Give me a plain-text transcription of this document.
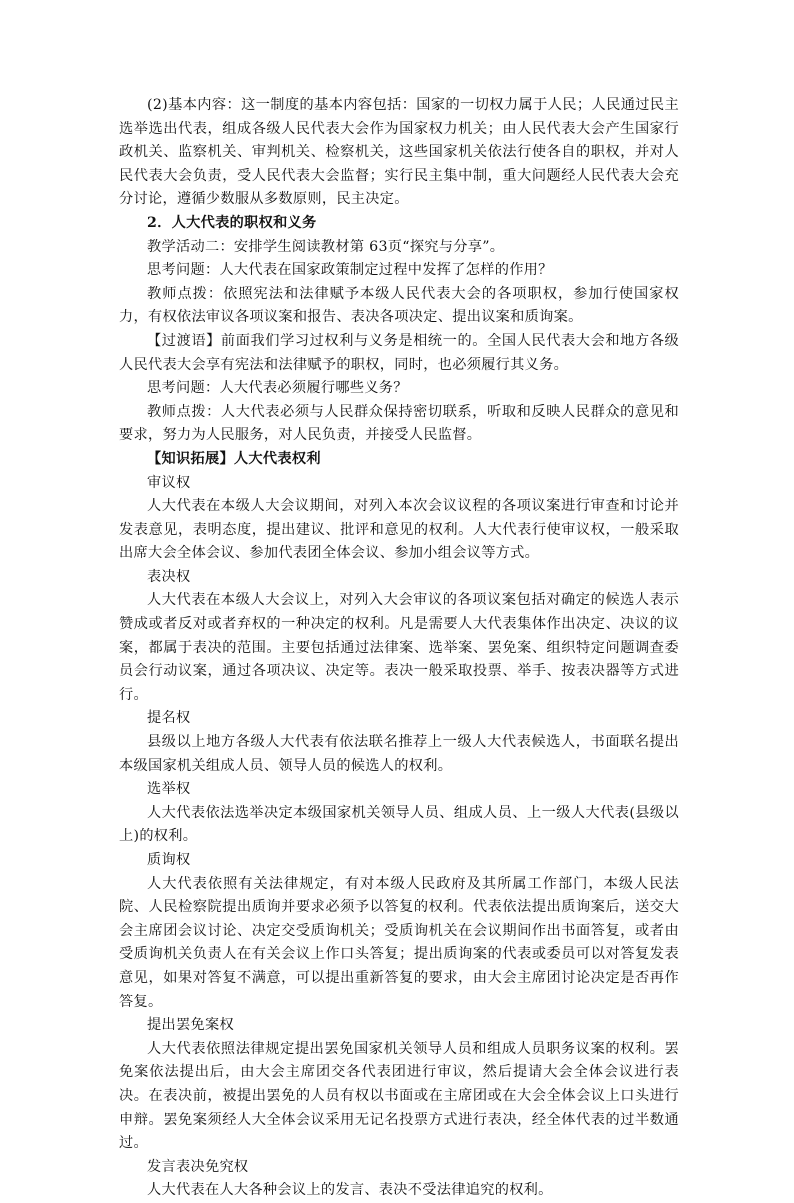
(2)基本内容：这一制度的基本内容包括：国家的一切权力属于人民；人民通过民主选举选出代表，组成各级人民代表大会作为国家权力机关；由人民代表大会产生国家行政机关、监察机关、审判机关、检察机关，这些国家机关依法行使各自的职权，并对人民代表大会负责，受人民代表大会监督；实行民主集中制，重大问题经人民代表大会充分讨论，遵循少数服从多数原则，民主决定。

2．人大代表的职权和义务

教学活动二：安排学生阅读教材第 63页“探究与分享”。

思考问题：人大代表在国家政策制定过程中发挥了怎样的作用？

教师点拨：依照宪法和法律赋予本级人民代表大会的各项职权，参加行使国家权力，有权依法审议各项议案和报告、表决各项决定、提出议案和质询案。

【过渡语】前面我们学习过权利与义务是相统一的。全国人民代表大会和地方各级人民代表大会享有宪法和法律赋予的职权，同时，也必须履行其义务。

思考问题：人大代表必须履行哪些义务？

教师点拨：人大代表必须与人民群众保持密切联系，听取和反映人民群众的意见和要求，努力为人民服务，对人民负责，并接受人民监督。

【知识拓展】人大代表权利

审议权

人大代表在本级人大会议期间，对列入本次会议议程的各项议案进行审查和讨论并发表意见，表明态度，提出建议、批评和意见的权利。人大代表行使审议权，一般采取出席大会全体会议、参加代表团全体会议、参加小组会议等方式。

表决权

人大代表在本级人大会议上，对列入大会审议的各项议案包括对确定的候选人表示赞成或者反对或者弃权的一种决定的权利。凡是需要人大代表集体作出决定、决议的议案，都属于表决的范围。主要包括通过法律案、选举案、罢免案、组织特定问题调查委员会行动议案，通过各项决议、决定等。表决一般采取投票、举手、按表决器等方式进行。

提名权

县级以上地方各级人大代表有依法联名推荐上一级人大代表候选人，书面联名提出本级国家机关组成人员、领导人员的候选人的权利。

选举权

人大代表依法选举决定本级国家机关领导人员、组成人员、上一级人大代表(县级以上)的权利。

质询权

人大代表依照有关法律规定，有对本级人民政府及其所属工作部门，本级人民法院、人民检察院提出质询并要求必须予以答复的权利。代表依法提出质询案后，送交大会主席团会议讨论、决定交受质询机关；受质询机关在会议期间作出书面答复，或者由受质询机关负责人在有关会议上作口头答复；提出质询案的代表或委员可以对答复发表意见，如果对答复不满意，可以提出重新答复的要求，由大会主席团讨论决定是否再作答复。

提出罢免案权

人大代表依照法律规定提出罢免国家机关领导人员和组成人员职务议案的权利。罢免案依法提出后，由大会主席团交各代表团进行审议，然后提请大会全体会议进行表决。在表决前，被提出罢免的人员有权以书面或在主席团或在大会全体会议上口头进行申辩。罢免案须经人大全体会议采用无记名投票方式进行表决，经全体代表的过半数通过。

发言表决免究权

人大代表在人大各种会议上的发言、表决不受法律追究的权利。
